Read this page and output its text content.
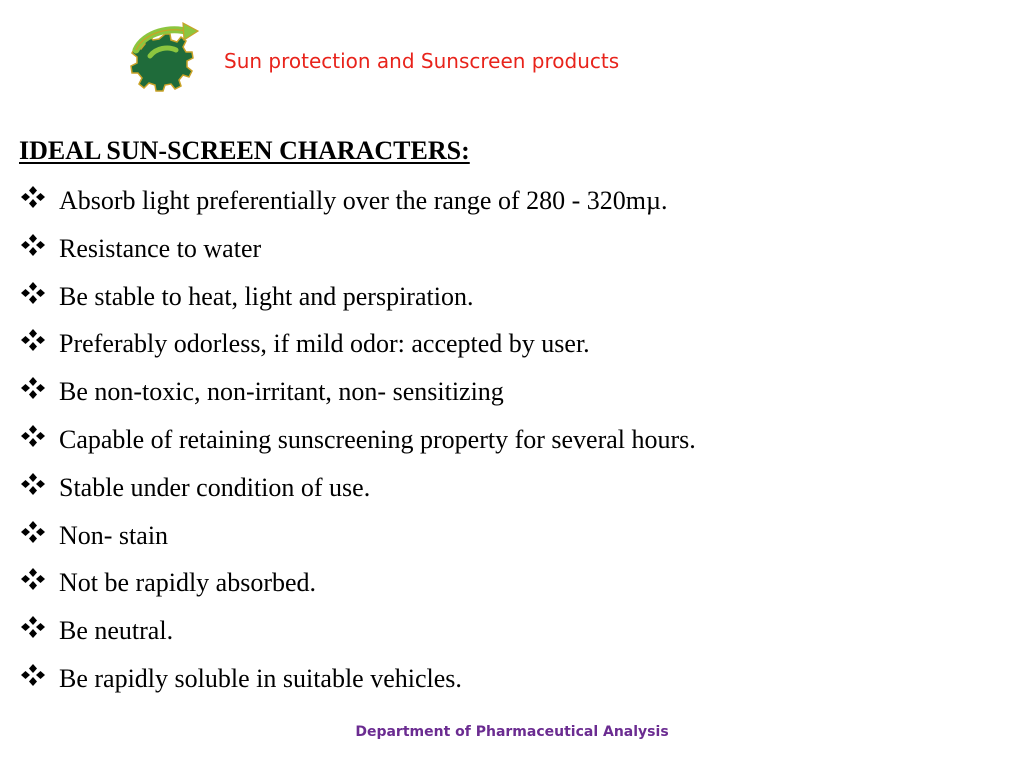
Sun protection and Sunscreen products
IDEAL SUN-SCREEN CHARACTERS:
Absorb light preferentially over the range of 280 - 320mµ.
Resistance to water
Be stable to heat, light and perspiration.
Preferably odorless, if mild odor: accepted by user.
Be non-toxic, non-irritant, non- sensitizing
Capable of retaining sunscreening property for several hours.
Stable under condition of use.
Non- stain
Not be rapidly absorbed.
Be neutral.
Be rapidly soluble in suitable vehicles.
Department of Pharmaceutical Analysis
